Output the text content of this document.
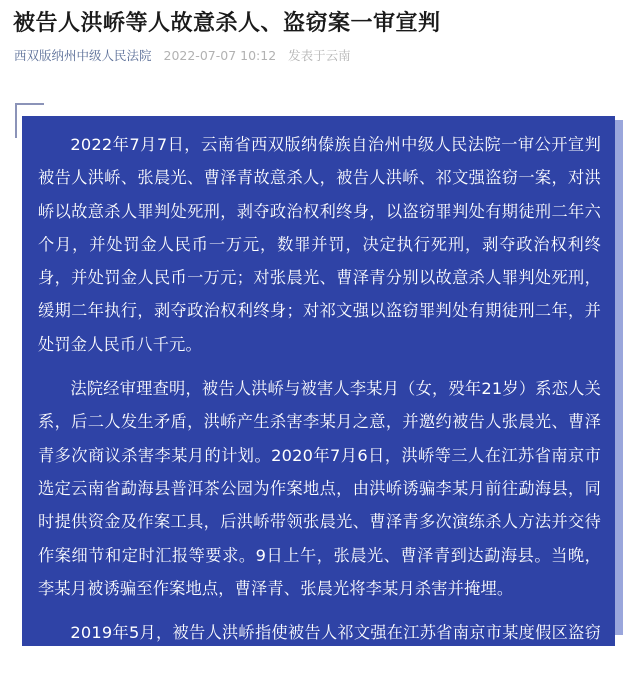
被告人洪峤等人故意杀人、盗窃案一审宣判
西双版纳州中级人民法院 2022-07-07 10:12 发表于云南

2022年7月7日，云南省西双版纳傣族自治州中级人民法院一审公开宣判被告人洪峤、张晨光、曹泽青故意杀人，被告人洪峤、祁文强盗窃一案，对洪峤以故意杀人罪判处死刑，剥夺政治权利终身，以盗窃罪判处有期徒刑二年六个月，并处罚金人民币一万元，数罪并罚，决定执行死刑，剥夺政治权利终身，并处罚金人民币一万元；对张晨光、曹泽青分别以故意杀人罪判处死刑，缓期二年执行，剥夺政治权利终身；对祁文强以盗窃罪判处有期徒刑二年，并处罚金人民币八千元。

法院经审理查明，被告人洪峤与被害人李某月（女，殁年21岁）系恋人关系，后二人发生矛盾，洪峤产生杀害李某月之意，并邀约被告人张晨光、曹泽青多次商议杀害李某月的计划。2020年7月6日，洪峤等三人在江苏省南京市选定云南省勐海县普洱茶公园为作案地点，由洪峤诱骗李某月前往勐海县，同时提供资金及作案工具，后洪峤带领张晨光、曹泽青多次演练杀人方法并交待作案细节和定时汇报等要求。9日上午，张晨光、曹泽青到达勐海县。当晚，李某月被诱骗至作案地点，曹泽青、张晨光将李某月杀害并掩埋。

2019年5月，被告人洪峤指使被告人祁文强在江苏省南京市某度假区盗窃一台单目夜视仪（价值人民币18000元）。
